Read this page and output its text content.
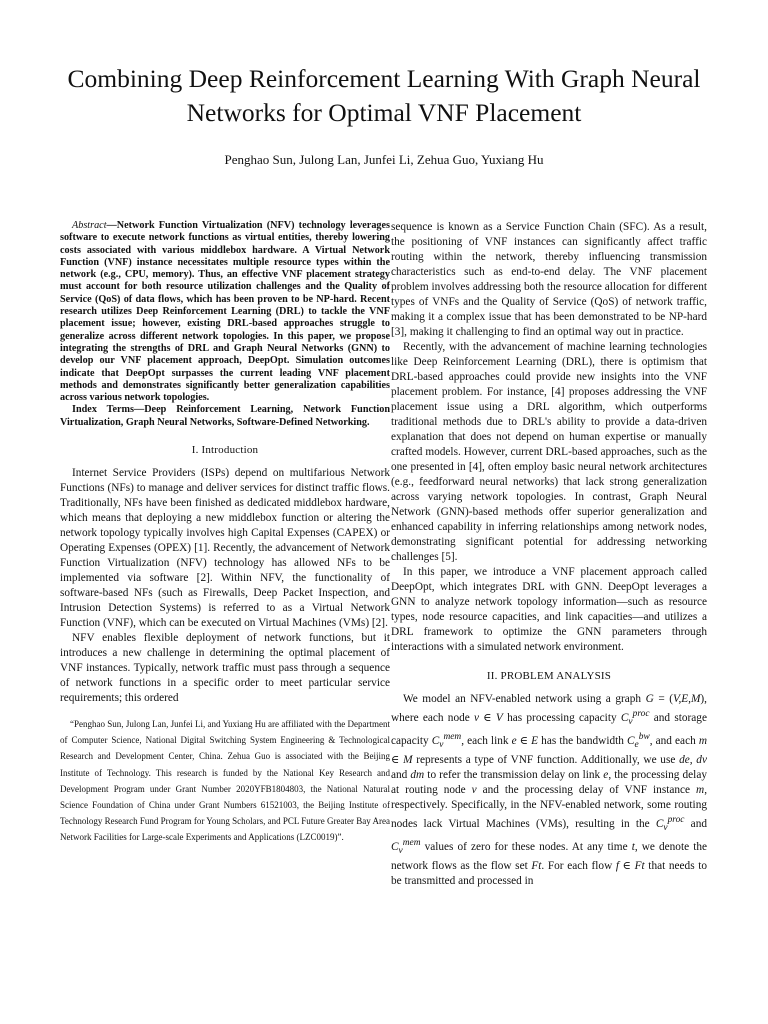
Combining Deep Reinforcement Learning With Graph Neural
Networks for Optimal VNF Placement
Penghao Sun, Julong Lan, Junfei Li, Zehua Guo, Yuxiang Hu

Abstract—Network Function Virtualization (NFV) technology leverages software to execute network functions as virtual entities, thereby lowering costs associated with various middlebox hardware. A Virtual Network Function (VNF) instance necessitates multiple resource types within the network (e.g., CPU, memory). Thus, an effective VNF placement strategy must account for both resource utilization challenges and the Quality of Service (QoS) of data flows, which has been proven to be NP-hard. Recent research utilizes Deep Reinforcement Learning (DRL) to tackle the VNF placement issue; however, existing DRL-based approaches struggle to generalize across different network topologies. In this paper, we propose integrating the strengths of DRL and Graph Neural Networks (GNN) to develop our VNF placement approach, DeepOpt. Simulation outcomes indicate that DeepOpt surpasses the current leading VNF placement methods and demonstrates significantly better generalization capabilities across various network topologies.

Index Terms—Deep Reinforcement Learning, Network Function Virtualization, Graph Neural Networks, Software-Defined Networking.

I. Introduction

Internet Service Providers (ISPs) depend on multifarious Network Functions (NFs) to manage and deliver services for distinct traffic flows. Traditionally, NFs have been finished as dedicated middlebox hardware, which means that deploying a new middlebox function or altering the network topology typically involves high Capital Expenses (CAPEX) or Operating Expenses (OPEX) [1]. Recently, the advancement of Network Function Virtualization (NFV) technology has allowed NFs to be implemented via software [2]. Within NFV, the functionality of software-based NFs (such as Firewalls, Deep Packet Inspection, and Intrusion Detection Systems) is referred to as a Virtual Network Function (VNF), which can be executed on Virtual Machines (VMs) [2].

NFV enables flexible deployment of network functions, but it introduces a new challenge in determining the optimal placement of VNF instances. Typically, network traffic must pass through a sequence of network functions in a specific order to meet particular service requirements; this ordered

“Penghao Sun, Julong Lan, Junfei Li, and Yuxiang Hu are affiliated with the Department of Computer Science, National Digital Switching System Engineering & Technological Research and Development Center, China. Zehua Guo is associated with the Beijing Institute of Technology. This research is funded by the National Key Research and Development Program under Grant Number 2020YFB1804803, the National Natural Science Foundation of China under Grant Numbers 61521003, the Beijing Institute of Technology Research Fund Program for Young Scholars, and PCL Future Greater Bay Area Network Facilities for Large-scale Experiments and Applications (LZC0019)”.

sequence is known as a Service Function Chain (SFC). As a result, the positioning of VNF instances can significantly affect traffic routing within the network, thereby influencing transmission characteristics such as end-to-end delay. The VNF placement problem involves addressing both the resource allocation for different types of VNFs and the Quality of Service (QoS) of network traffic, making it a complex issue that has been demonstrated to be NP-hard [3], making it challenging to find an optimal way out in practice.

Recently, with the advancement of machine learning technologies like Deep Reinforcement Learning (DRL), there is optimism that DRL-based approaches could provide new insights into the VNF placement problem. For instance, [4] proposes addressing the VNF placement issue using a DRL algorithm, which outperforms traditional methods due to DRL's ability to provide a data-driven explanation that does not depend on human expertise or manually crafted models. However, current DRL-based approaches, such as the one presented in [4], often employ basic neural network architectures (e.g., feedforward neural networks) that lack strong generalization across varying network topologies. In contrast, Graph Neural Network (GNN)-based methods offer superior generalization and enhanced capability in inferring relationships among network nodes, demonstrating significant potential for addressing networking challenges [5].

In this paper, we introduce a VNF placement approach called DeepOpt, which integrates DRL with GNN. DeepOpt leverages a GNN to analyze network topology information—such as resource types, node resource capacities, and link capacities—and utilizes a DRL framework to optimize the GNN parameters through interactions with a simulated network environment.

II. PROBLEM ANALYSIS

We model an NFV-enabled network using a graph G = (V,E,M), where each node v ∈ V has processing capacity $C_v^{proc}$ and storage capacity $C_v^{mem}$, each link e ∈ E has the bandwidth $C_e^{bw}$, and each m ∈ M represents a type of VNF function. Additionally, we use de, dv and dm to refer the transmission delay on link e, the processing delay at routing node v and the processing delay of VNF instance m, respectively. Specifically, in the NFV-enabled network, some routing nodes lack Virtual Machines (VMs), resulting in the $C_v^{proc}$ and $C_v^{mem}$ values of zero for these nodes. At any time t, we denote the network flows as the flow set Ft. For each flow f ∈ Ft that needs to be transmitted and processed in
